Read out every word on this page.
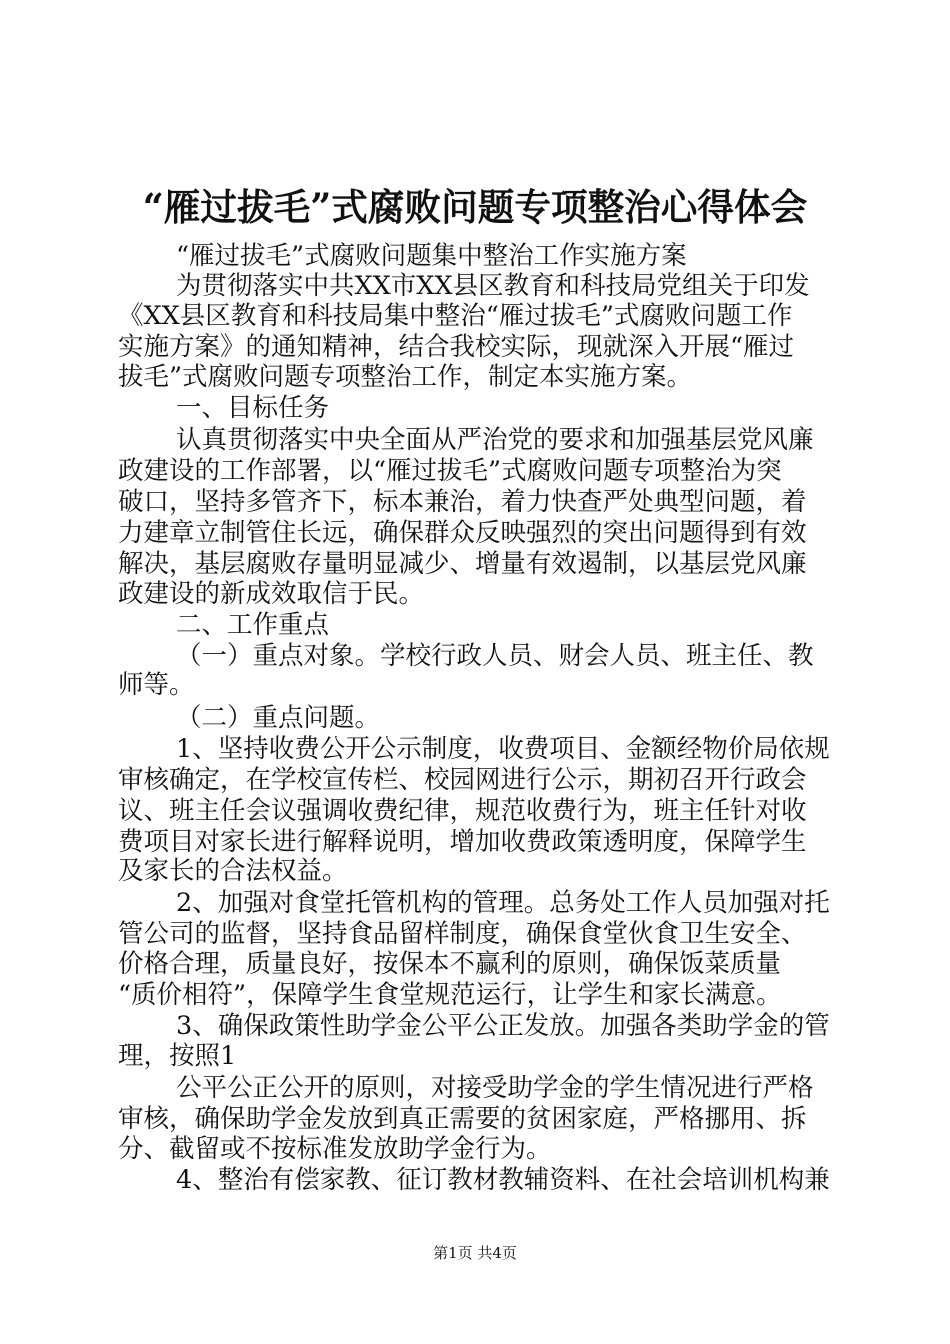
“雁过拔毛”式腐败问题专项整治心得体会
“雁过拔毛”式腐败问题集中整治工作实施方案
为贯彻落实中共XX市XX县区教育和科技局党组关于印发
《XX县区教育和科技局集中整治“雁过拔毛”式腐败问题工作
实施方案》的通知精神，结合我校实际，现就深入开展“雁过
拔毛”式腐败问题专项整治工作，制定本实施方案。
一、目标任务
认真贯彻落实中央全面从严治党的要求和加强基层党风廉
政建设的工作部署，以“雁过拔毛”式腐败问题专项整治为突
破口，坚持多管齐下，标本兼治，着力快查严处典型问题，着
力建章立制管住长远，确保群众反映强烈的突出问题得到有效
解决，基层腐败存量明显减少、增量有效遏制，以基层党风廉
政建设的新成效取信于民。
二、工作重点
（一）重点对象。学校行政人员、财会人员、班主任、教
师等。
（二）重点问题。
1、坚持收费公开公示制度，收费项目、金额经物价局依规
审核确定，在学校宣传栏、校园网进行公示，期初召开行政会
议、班主任会议强调收费纪律，规范收费行为，班主任针对收
费项目对家长进行解释说明，增加收费政策透明度，保障学生
及家长的合法权益。
2、加强对食堂托管机构的管理。总务处工作人员加强对托
管公司的监督，坚持食品留样制度，确保食堂伙食卫生安全、
价格合理，质量良好，按保本不赢利的原则，确保饭菜质量
“质价相符”，保障学生食堂规范运行，让学生和家长满意。
3、确保政策性助学金公平公正发放。加强各类助学金的管
理，按照1
公平公正公开的原则，对接受助学金的学生情况进行严格
审核，确保助学金发放到真正需要的贫困家庭，严格挪用、拆
分、截留或不按标准发放助学金行为。
4、整治有偿家教、征订教材教辅资料、在社会培训机构兼
第1页 共4页
